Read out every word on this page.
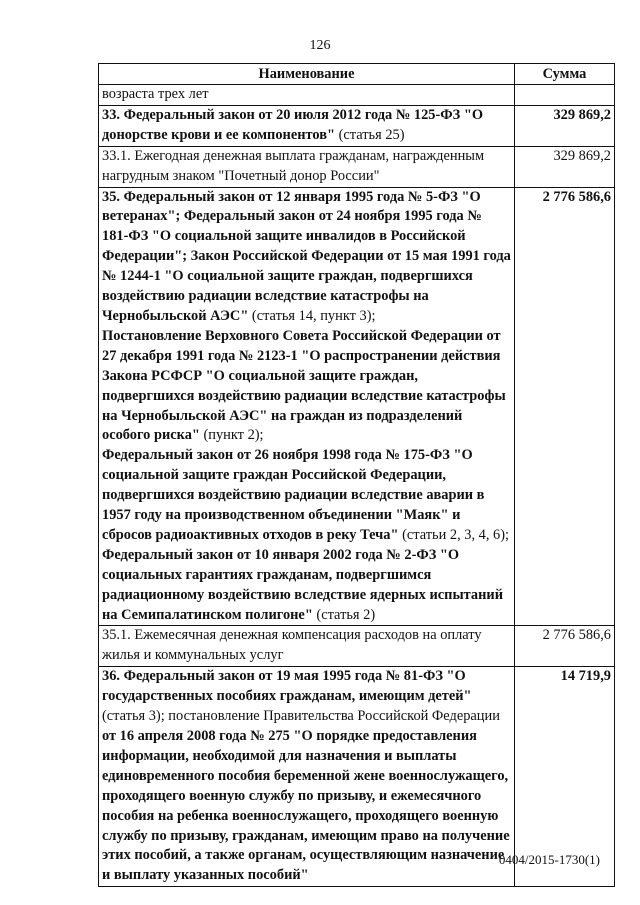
126
Наименование	Сумма
возраста трех лет	
33. Федеральный закон от 20 июля 2012 года № 125-ФЗ "О донорстве крови и ее компонентов" (статья 25)	329 869,2
33.1. Ежегодная денежная выплата гражданам, награжденным нагрудным знаком "Почетный донор России"	329 869,2
35. Федеральный закон от 12 января 1995 года № 5-ФЗ "О ветеранах"; Федеральный закон от 24 ноября 1995 года № 181-ФЗ "О социальной защите инвалидов в Российской Федерации"; Закон Российской Федерации от 15 мая 1991 года № 1244-1 "О социальной защите граждан, подвергшихся воздействию радиации вследствие катастрофы на Чернобыльской АЭС" (статья 14, пункт 3);
Постановление Верховного Совета Российской Федерации от 27 декабря 1991 года № 2123-1 "О распространении действия Закона РСФСР "О социальной защите граждан, подвергшихся воздействию радиации вследствие катастрофы на Чернобыльской АЭС" на граждан из подразделений особого риска" (пункт 2);
Федеральный закон от 26 ноября 1998 года № 175-ФЗ "О социальной защите граждан Российской Федерации, подвергшихся воздействию радиации вследствие аварии в 1957 году на производственном объединении "Маяк" и сбросов радиоактивных отходов в реку Теча" (статьи 2, 3, 4, 6);
Федеральный закон от 10 января 2002 года № 2-ФЗ "О социальных гарантиях гражданам, подвергшимся радиационному воздействию вследствие ядерных испытаний на Семипалатинском полигоне" (статья 2)	2 776 586,6
35.1. Ежемесячная денежная компенсация расходов на оплату жилья и коммунальных услуг	2 776 586,6
36. Федеральный закон от 19 мая 1995 года № 81-ФЗ "О государственных пособиях гражданам, имеющим детей" (статья 3); постановление Правительства Российской Федерации от 16 апреля 2008 года № 275 "О порядке предоставления информации, необходимой для назначения и выплаты единовременного пособия беременной жене военнослужащего, проходящего военную службу по призыву, и ежемесячного пособия на ребенка военнослужащего, проходящего военную службу по призыву, гражданам, имеющим право на получение этих пособий, а также органам, осуществляющим назначение и выплату указанных пособий"	14 719,9
0404/2015-1730(1)
